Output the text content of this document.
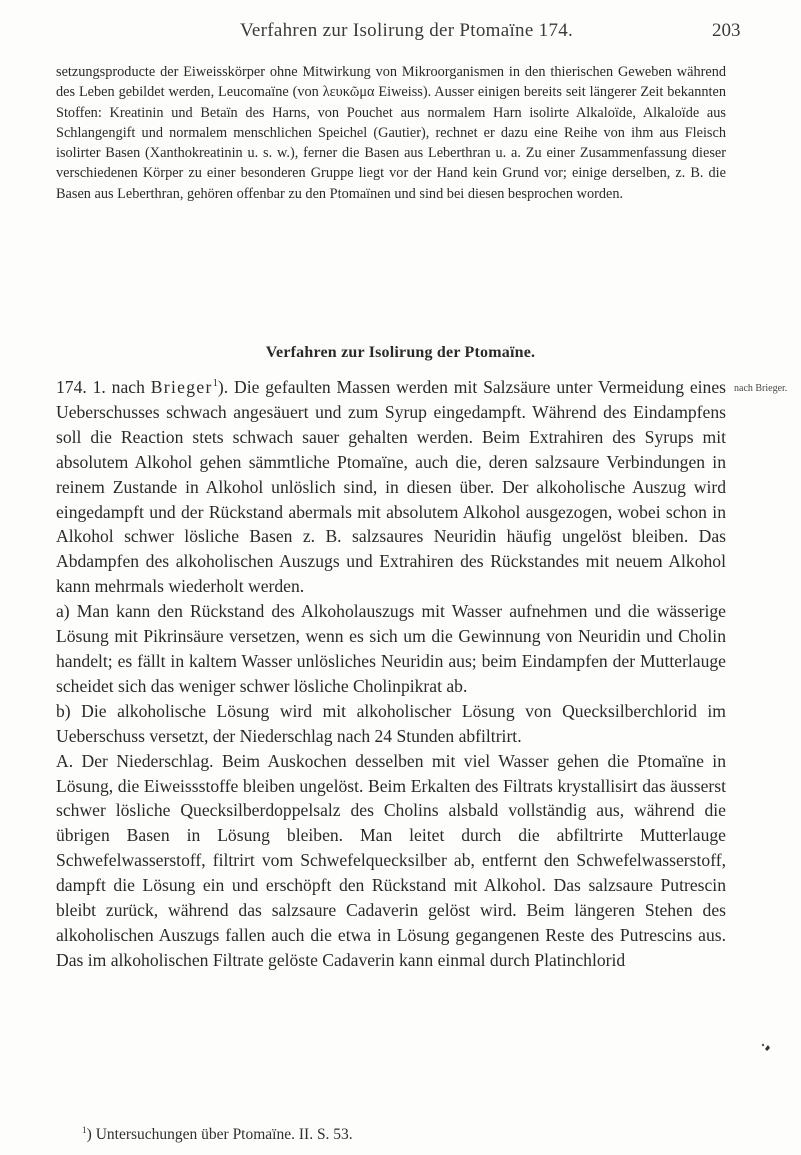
Verfahren zur Isolirung der Ptomaïne 174.	203

setzungsproducte der Eiweisskörper ohne Mitwirkung von Mikroorganismen in den thierischen Geweben während des Leben gebildet werden, Leucomaïne (von λευκῶμα Eiweiss). Ausser einigen bereits seit längerer Zeit bekannten Stoffen: Kreatinin und Betaïn des Harns, von Pouchet aus normalem Harn isolirte Alkaloïde, Alkaloïde aus Schlangengift und normalem menschlichen Speichel (Gautier), rechnet er dazu eine Reihe von ihm aus Fleisch isolirter Basen (Xanthokreatinin u. s. w.), ferner die Basen aus Leberthran u. a. Zu einer Zusammenfassung dieser verschiedenen Körper zu einer besonderen Gruppe liegt vor der Hand kein Grund vor; einige derselben, z. B. die Basen aus Leberthran, gehören offenbar zu den Ptomaïnen und sind bei diesen besprochen worden.

Verfahren zur Isolirung der Ptomaïne.
nach Brieger.

174. 1. nach Brieger$^1$). Die gefaulten Massen werden mit Salzsäure unter Vermeidung eines Ueberschusses schwach angesäuert und zum Syrup eingedampft. Während des Eindampfens soll die Reaction stets schwach sauer gehalten werden. Beim Extrahiren des Syrups mit absolutem Alkohol gehen sämmtliche Ptomaïne, auch die, deren salzsaure Verbindungen in reinem Zustande in Alkohol unlöslich sind, in diesen über. Der alkoholische Auszug wird eingedampft und der Rückstand abermals mit absolutem Alkohol ausgezogen, wobei schon in Alkohol schwer lösliche Basen z. B. salzsaures Neuridin häufig ungelöst bleiben. Das Abdampfen des alkoholischen Auszugs und Extrahiren des Rückstandes mit neuem Alkohol kann mehrmals wiederholt werden.

a) Man kann den Rückstand des Alkoholauszugs mit Wasser aufnehmen und die wässerige Lösung mit Pikrinsäure versetzen, wenn es sich um die Gewinnung von Neuridin und Cholin handelt; es fällt in kaltem Wasser unlösliches Neuridin aus; beim Eindampfen der Mutterlauge scheidet sich das weniger schwer lösliche Cholinpikrat ab.

b) Die alkoholische Lösung wird mit alkoholischer Lösung von Quecksilberchlorid im Ueberschuss versetzt, der Niederschlag nach 24 Stunden abfiltrirt.

A. Der Niederschlag. Beim Auskochen desselben mit viel Wasser gehen die Ptomaïne in Lösung, die Eiweissstoffe bleiben ungelöst. Beim Erkalten des Filtrats krystallisirt das äusserst schwer lösliche Quecksilberdoppelsalz des Cholins alsbald vollständig aus, während die übrigen Basen in Lösung bleiben. Man leitet durch die abfiltrirte Mutterlauge Schwefelwasserstoff, filtrirt vom Schwefelquecksilber ab, entfernt den Schwefelwasserstoff, dampft die Lösung ein und erschöpft den Rückstand mit Alkohol. Das salzsaure Putrescin bleibt zurück, während das salzsaure Cadaverin gelöst wird. Beim längeren Stehen des alkoholischen Auszugs fallen auch die etwa in Lösung gegangenen Reste des Putrescins aus. Das im alkoholischen Filtrate gelöste Cadaverin kann einmal durch Platinchlorid

$^1$) Untersuchungen über Ptomaïne. II. S. 53.
